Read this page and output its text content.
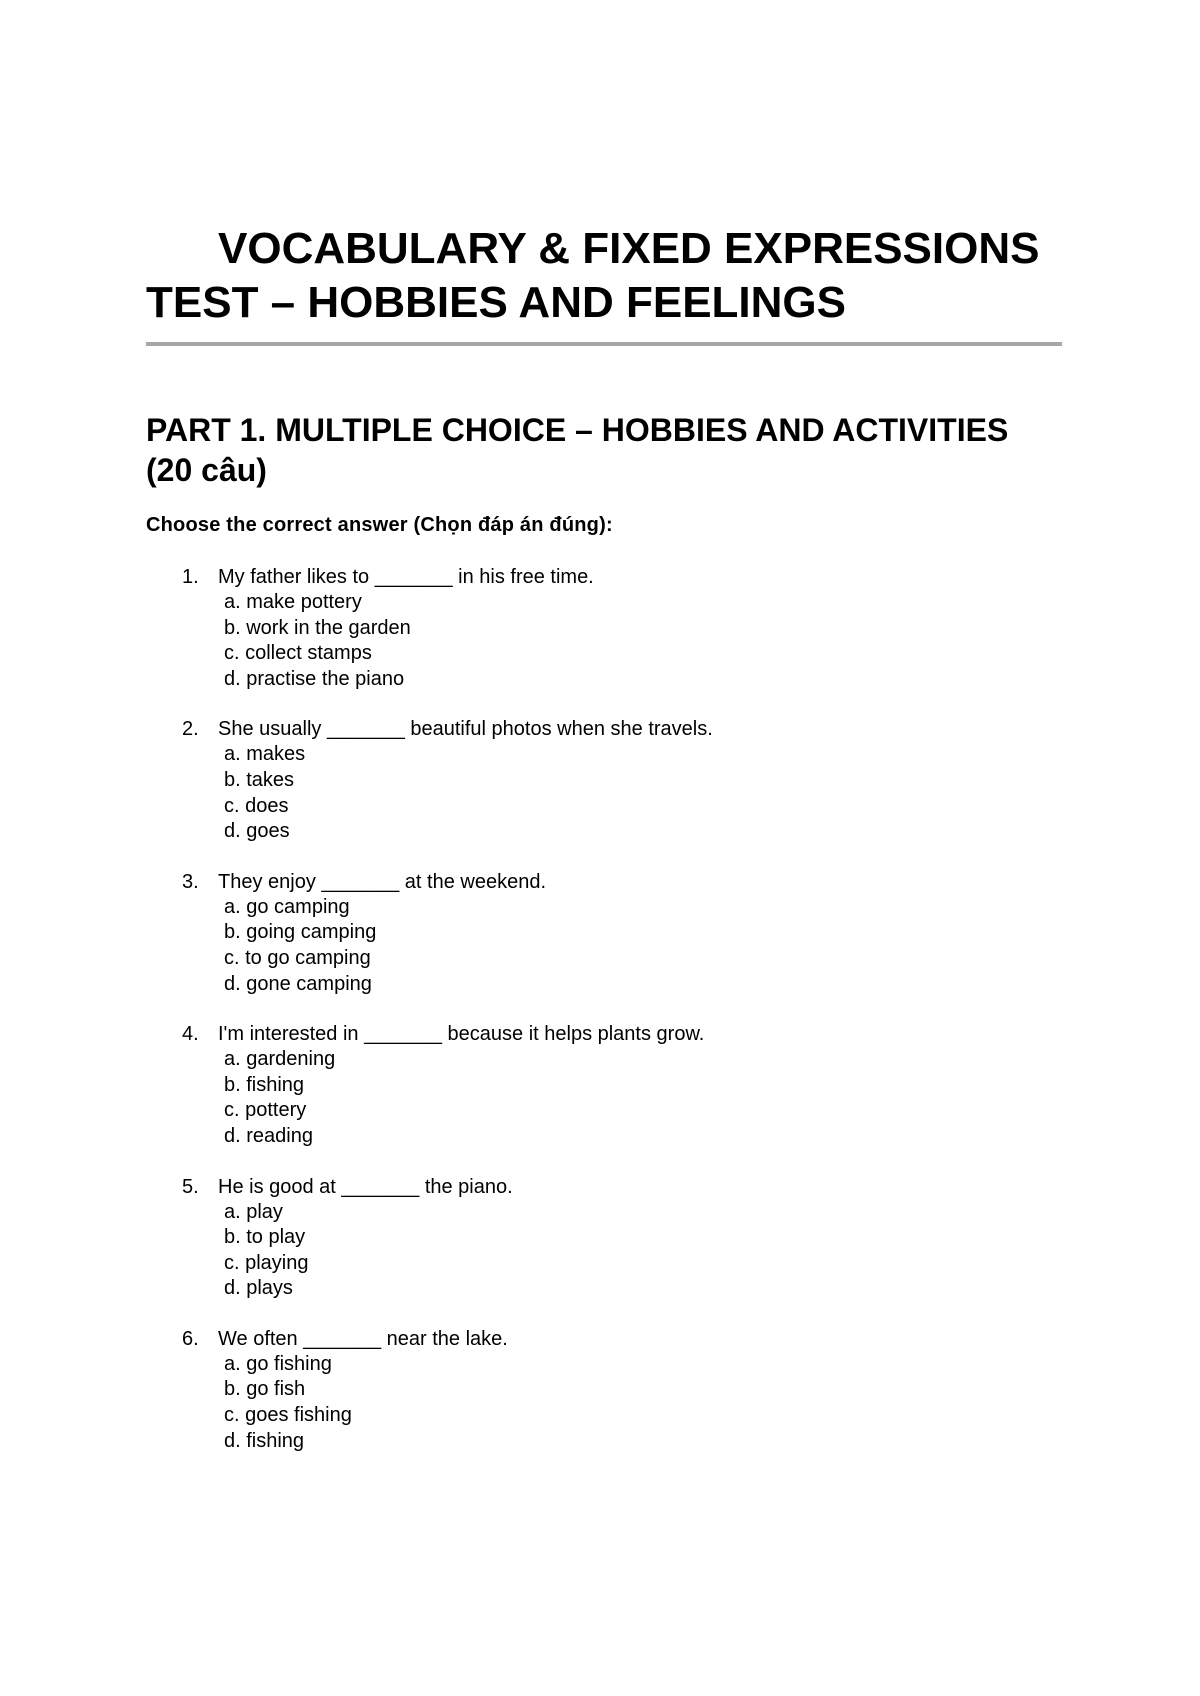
VOCABULARY & FIXED EXPRESSIONS TEST – HOBBIES AND FEELINGS
PART 1. MULTIPLE CHOICE – HOBBIES AND ACTIVITIES (20 câu)

Choose the correct answer (Chọn đáp án đúng):

1. My father likes to _______ in his free time.
a. make pottery
b. work in the garden
c. collect stamps
d. practise the piano
2. She usually _______ beautiful photos when she travels.
a. makes
b. takes
c. does
d. goes
3. They enjoy _______ at the weekend.
a. go camping
b. going camping
c. to go camping
d. gone camping
4. I'm interested in _______ because it helps plants grow.
a. gardening
b. fishing
c. pottery
d. reading
5. He is good at _______ the piano.
a. play
b. to play
c. playing
d. plays
6. We often _______ near the lake.
a. go fishing
b. go fish
c. goes fishing
d. fishing
